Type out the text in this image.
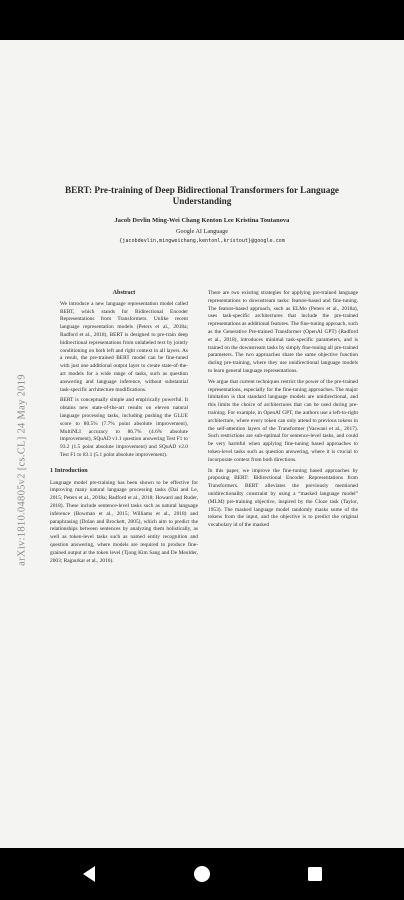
BERT: Pre-training of Deep Bidirectional Transformers for Language Understanding
Jacob Devlin Ming-Wei Chang Kenton Lee Kristina Toutanova
Google AI Language
{jacobdevlin,mingweichang,kentonl,kristout}@google.com
arXiv:1810.04805v2 [cs.CL] 24 May 2019
Abstract

We introduce a new language representation model called BERT, which stands for Bidirectional Encoder Representations from Transformers. Unlike recent language representation models (Peters et al., 2018a; Radford et al., 2018), BERT is designed to pre-train deep bidirectional representations from unlabeled text by jointly conditioning on both left and right context in all layers. As a result, the pre-trained BERT model can be fine-tuned with just one additional output layer to create state-of-the-art models for a wide range of tasks, such as question answering and language inference, without substantial task-specific architecture modifications.

BERT is conceptually simple and empirically powerful. It obtains new state-of-the-art results on eleven natural language processing tasks, including pushing the GLUE score to 80.5% (7.7% point absolute improvement), MultiNLI accuracy to 86.7% (4.6% absolute improvement), SQuAD v1.1 question answering Test F1 to 93.2 (1.5 point absolute improvement) and SQuAD v2.0 Test F1 to 83.1 (5.1 point absolute improvement).

1 Introduction

Language model pre-training has been shown to be effective for improving many natural language processing tasks (Dai and Le, 2015; Peters et al., 2018a; Radford et al., 2018; Howard and Ruder, 2018). These include sentence-level tasks such as natural language inference (Bowman et al., 2015; Williams et al., 2018) and paraphrasing (Dolan and Brockett, 2005), which aim to predict the relationships between sentences by analyzing them holistically, as well as token-level tasks such as named entity recognition and question answering, where models are required to produce fine-grained output at the token level (Tjong Kim Sang and De Meulder, 2003; Rajpurkar et al., 2016).

There are two existing strategies for applying pre-trained language representations to downstream tasks: feature-based and fine-tuning. The feature-based approach, such as ELMo (Peters et al., 2018a), uses task-specific architectures that include the pre-trained representations as additional features. The fine-tuning approach, such as the Generative Pre-trained Transformer (OpenAI GPT) (Radford et al., 2018), introduces minimal task-specific parameters, and is trained on the downstream tasks by simply fine-tuning all pre-trained parameters. The two approaches share the same objective function during pre-training, where they use unidirectional language models to learn general language representations.

We argue that current techniques restrict the power of the pre-trained representations, especially for the fine-tuning approaches. The major limitation is that standard language models are unidirectional, and this limits the choice of architectures that can be used during pre-training. For example, in OpenAI GPT, the authors use a left-to-right architecture, where every token can only attend to previous tokens in the self-attention layers of the Transformer (Vaswani et al., 2017). Such restrictions are sub-optimal for sentence-level tasks, and could be very harmful when applying fine-tuning based approaches to token-level tasks such as question answering, where it is crucial to incorporate context from both directions.

In this paper, we improve the fine-tuning based approaches by proposing BERT: Bidirectional Encoder Representations from Transformers. BERT alleviates the previously mentioned unidirectionality constraint by using a “masked language model” (MLM) pre-training objective, inspired by the Cloze task (Taylor, 1953). The masked language model randomly masks some of the tokens from the input, and the objective is to predict the original vocabulary id of the masked
